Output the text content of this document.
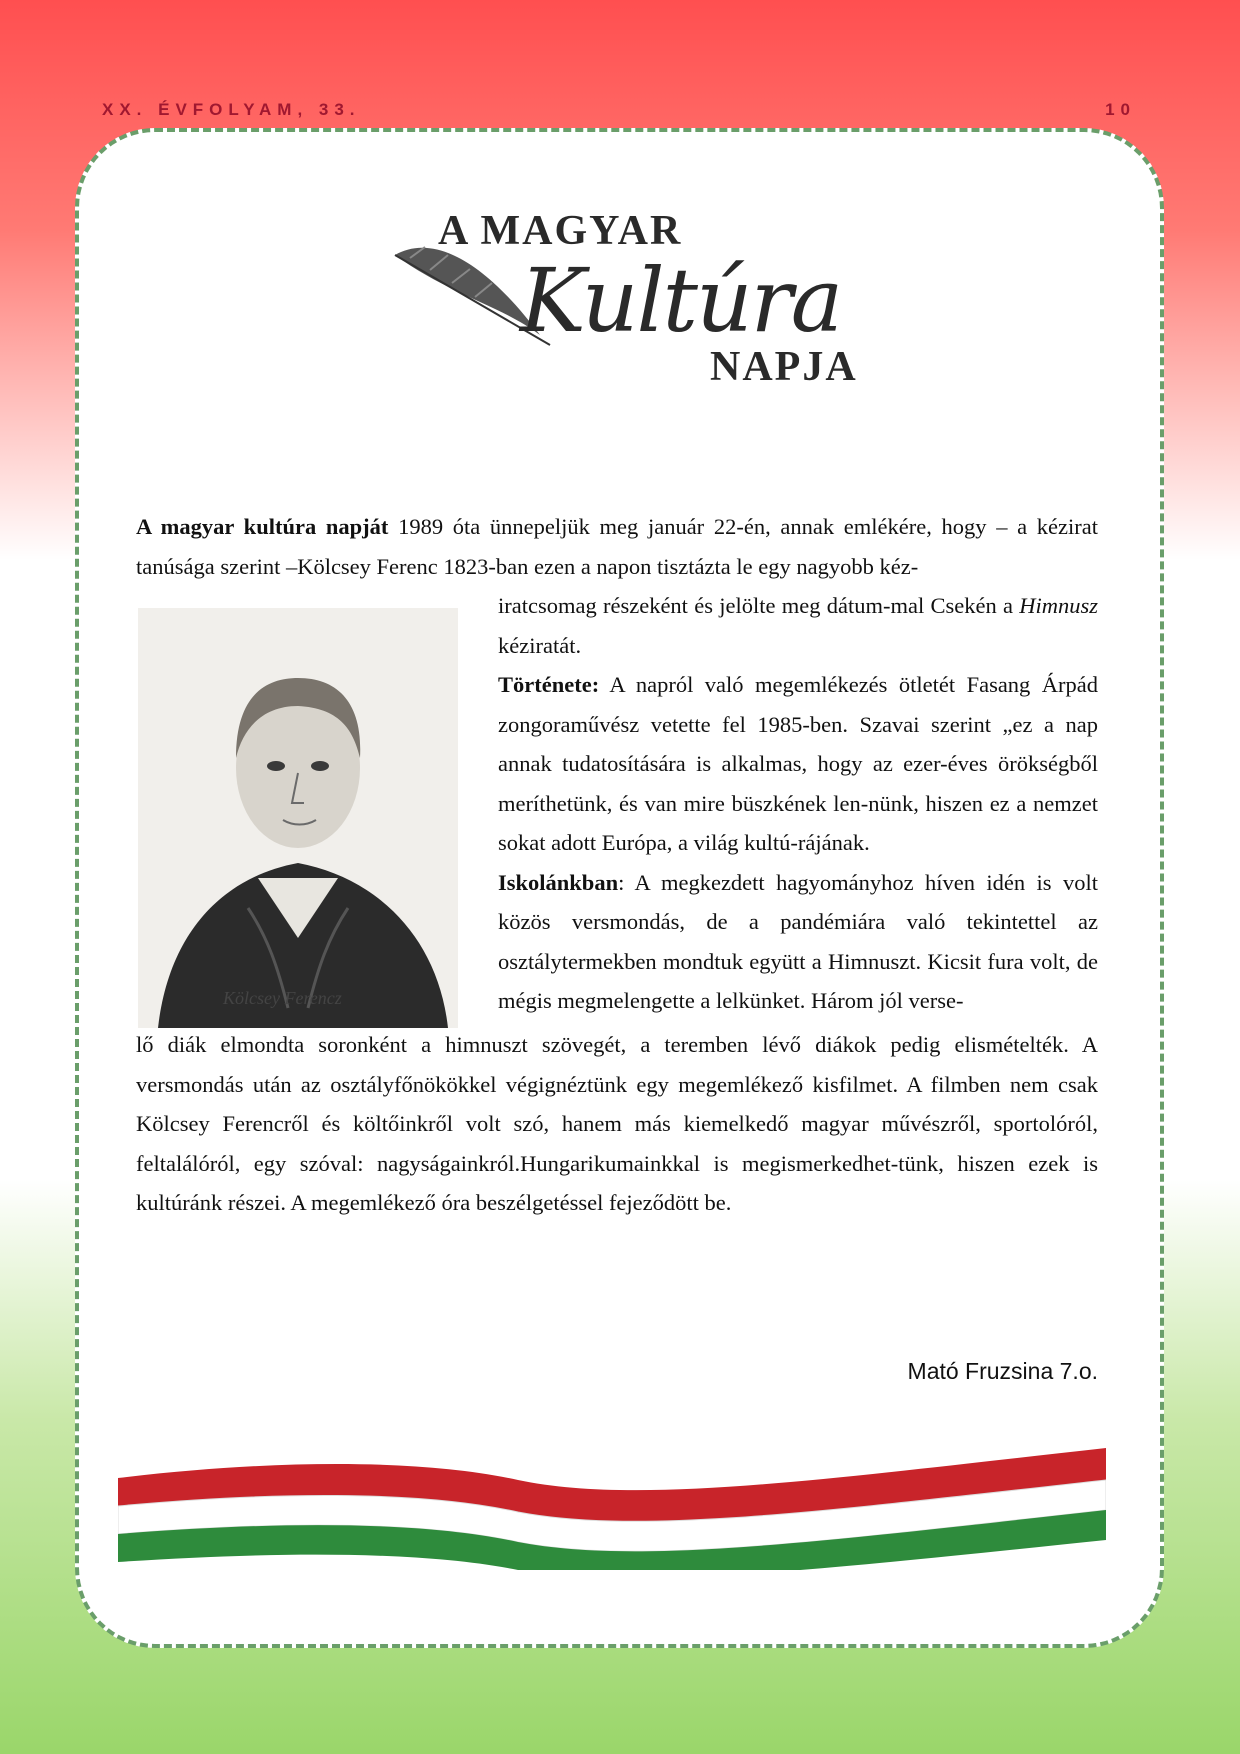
XX. ÉVFOLYAM, 33.	10
A MAGYAR
Kultúra
NAPJA

A magyar kultúra napját 1989 óta ünnepeljük meg január 22-én, annak emlékére, hogy – a kézirat tanúsága szerint –Kölcsey Ferenc 1823-ban ezen a napon tisztázta le egy nagyobb kéz-

Kölcsey Ferencz

iratcsomag részeként és jelölte meg dátum-mal Csekén a Himnusz kéziratát.

Története: A napról való megemlékezés ötletét Fasang Árpád zongoraművész vetette fel 1985-ben. Szavai szerint „ez a nap annak tudatosítására is alkalmas, hogy az ezer-éves örökségből meríthetünk, és van mire büszkének len-nünk, hiszen ez a nemzet sokat adott Európa, a világ kultú-rájának.

Iskolánkban: A megkezdett hagyományhoz híven idén is volt közös versmondás, de a pandémiára való tekintettel az osztálytermekben mondtuk együtt a Himnuszt. Kicsit fura volt, de mégis megmelengette a lelkünket. Három jól verse-

lő diák elmondta soronként a himnuszt szövegét, a teremben lévő diákok pedig elismételték. A versmondás után az osztályfőnökökkel végignéztünk egy megemlékező kisfilmet. A filmben nem csak Kölcsey Ferencről és költőinkről volt szó, hanem más kiemelkedő magyar művészről, sportolóról, feltalálóról, egy szóval: nagyságainkról.Hungarikumainkkal is megismerkedhet-tünk, hiszen ezek is kultúránk részei. A megemlékező óra beszélgetéssel fejeződött be.

Mató Fruzsina 7.o.
